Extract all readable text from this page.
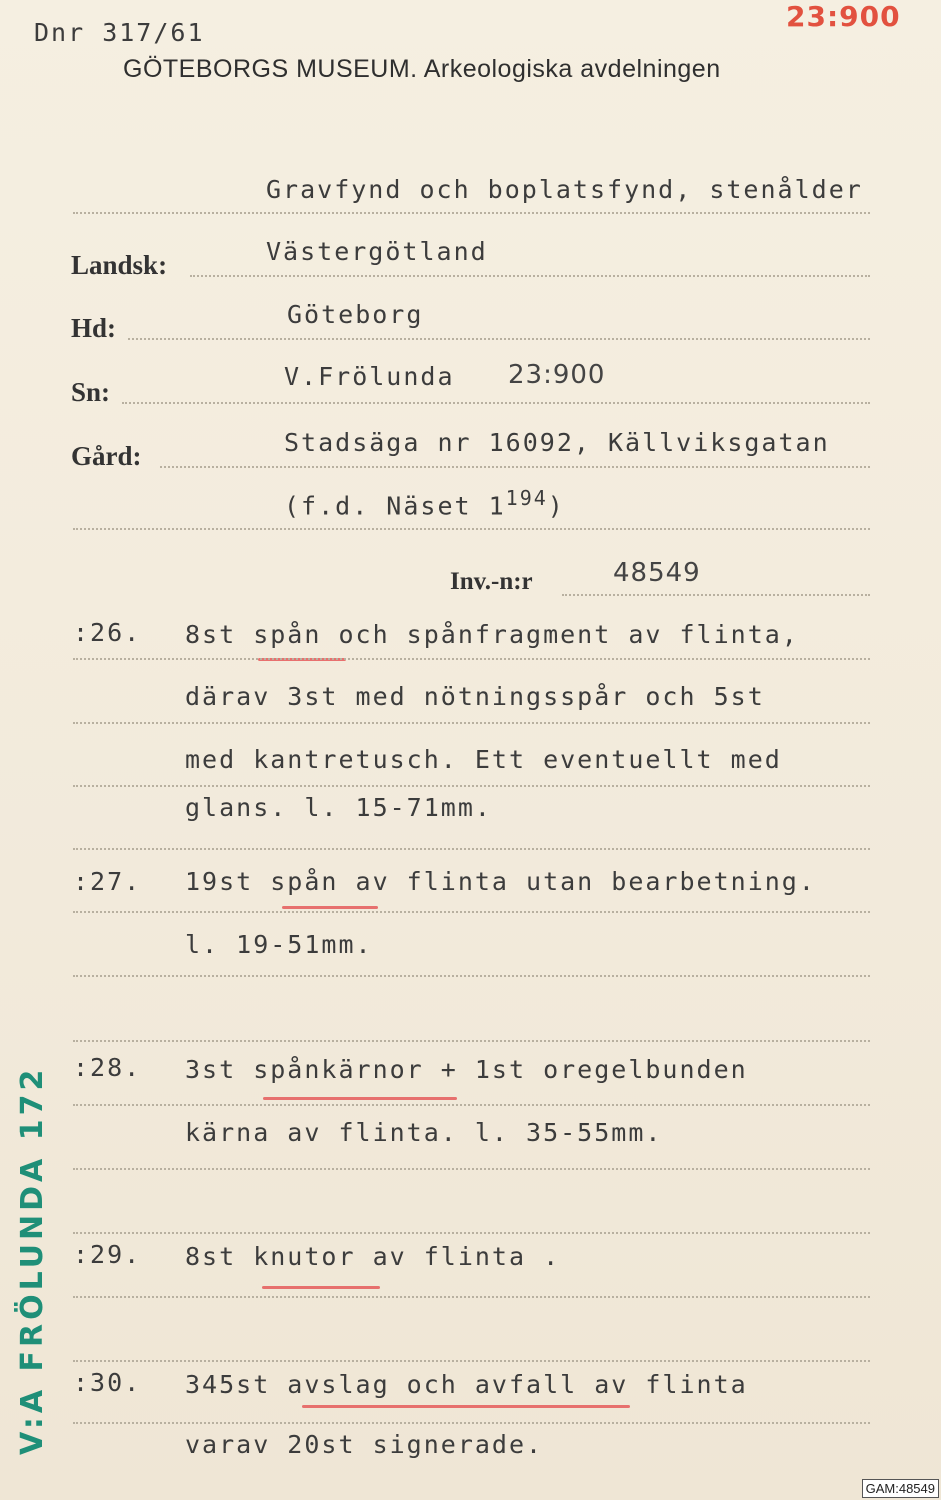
Dnr 317/61	23:900
GÖTEBORGS MUSEUM. Arkeologiska avdelningen
Gravfynd och boplatsfynd, stenålder
Landsk:	Västergötland
Hd:	Göteborg
Sn:
V.Frölunda 23:900
Gård:	Stadsäga nr 16092, Källviksgatan
(f.d. Näset $1^{194}$)
Inv.-n:r	48549
:26. 8st spån och spånfragment av flinta,
därav 3st med nötningsspår och 5st
med kantretusch. Ett eventuellt med
glans. l. 15-71mm.
:27. 19st spån av flinta utan bearbetning.
l. 19-51mm.
:28. 3st spånkärnor + 1st oregelbunden
kärna av flinta. l. 35-55mm.
:29. 8st knutor av flinta .
:30. 345st avslag och avfall av flinta
varav 20st signerade.
V:A FRÖLUNDA 172
GAM:48549
